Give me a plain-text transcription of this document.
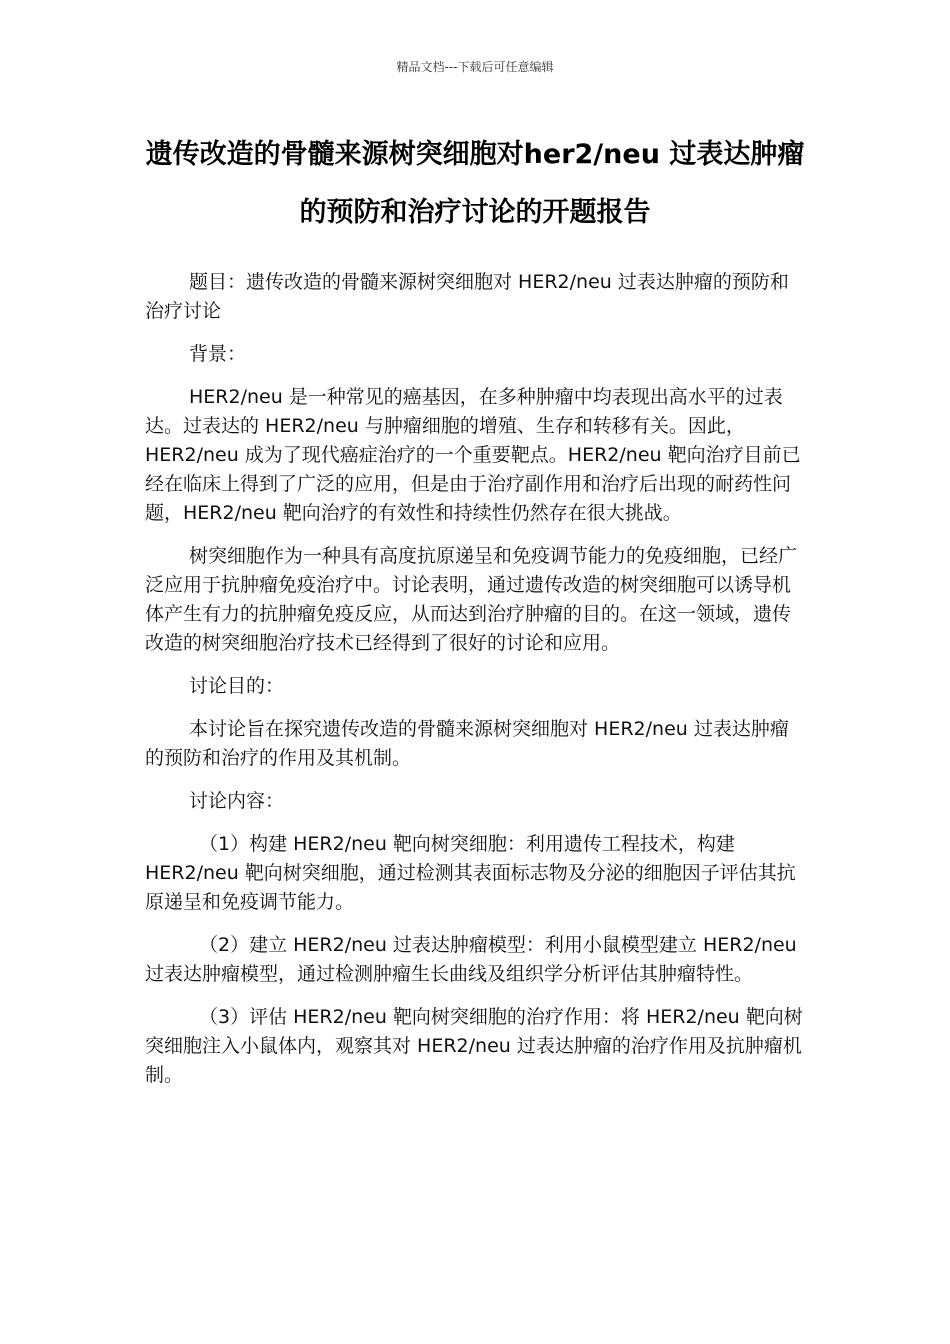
精品文档---下载后可任意编辑
遗传改造的骨髓来源树突细胞对her2/neu 过表达肿瘤的预防和治疗讨论的开题报告

题目：遗传改造的骨髓来源树突细胞对 HER2/neu 过表达肿瘤的预防和治疗讨论

背景：

HER2/neu 是一种常见的癌基因，在多种肿瘤中均表现出高水平的过表达。过表达的 HER2/neu 与肿瘤细胞的增殖、生存和转移有关。因此，HER2/neu 成为了现代癌症治疗的一个重要靶点。HER2/neu 靶向治疗目前已经在临床上得到了广泛的应用，但是由于治疗副作用和治疗后出现的耐药性问题，HER2/neu 靶向治疗的有效性和持续性仍然存在很大挑战。

树突细胞作为一种具有高度抗原递呈和免疫调节能力的免疫细胞，已经广泛应用于抗肿瘤免疫治疗中。讨论表明，通过遗传改造的树突细胞可以诱导机体产生有力的抗肿瘤免疫反应，从而达到治疗肿瘤的目的。在这一领域，遗传改造的树突细胞治疗技术已经得到了很好的讨论和应用。

讨论目的：

本讨论旨在探究遗传改造的骨髓来源树突细胞对 HER2/neu 过表达肿瘤的预防和治疗的作用及其机制。

讨论内容：

（1）构建 HER2/neu 靶向树突细胞：利用遗传工程技术，构建 HER2/neu 靶向树突细胞，通过检测其表面标志物及分泌的细胞因子评估其抗原递呈和免疫调节能力。

（2）建立 HER2/neu 过表达肿瘤模型：利用小鼠模型建立 HER2/neu 过表达肿瘤模型，通过检测肿瘤生长曲线及组织学分析评估其肿瘤特性。

（3）评估 HER2/neu 靶向树突细胞的治疗作用：将 HER2/neu 靶向树突细胞注入小鼠体内，观察其对 HER2/neu 过表达肿瘤的治疗作用及抗肿瘤机制。
